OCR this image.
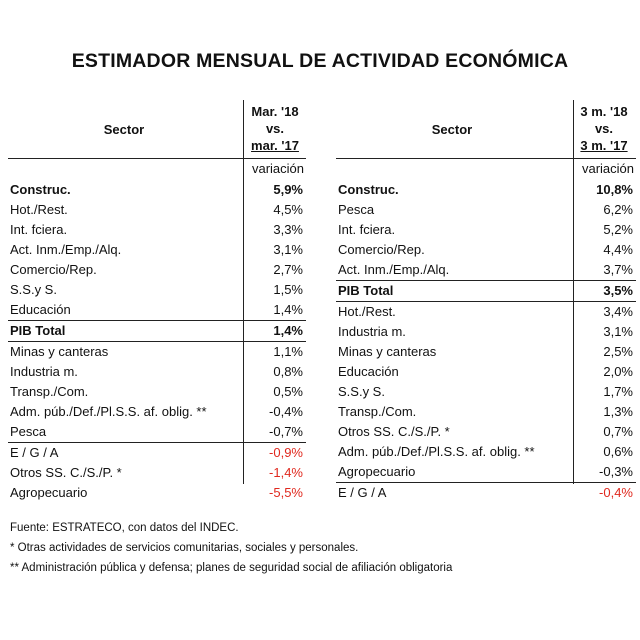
ESTIMADOR MENSUAL DE ACTIVIDAD ECONÓMICA
Sector
Mar. '18
vs.
mar. '17
variación
Construc.	5,9%
Hot./Rest.	4,5%
Int. fciera.	3,3%
Act. Inm./Emp./Alq.	3,1%
Comercio/Rep.	2,7%
S.S.y S.	1,5%
Educación	1,4%
PIB Total	1,4%
Minas y canteras	1,1%
Industria m.	0,8%
Transp./Com.	0,5%
Adm. púb./Def./Pl.S.S. af. oblig. **	-0,4%
Pesca	-0,7%
E / G / A	-0,9%
Otros SS. C./S./P. *	-1,4%
Agropecuario	-5,5%
Sector
3 m. '18
vs.
3 m. '17
variación
Construc.	10,8%
Pesca	6,2%
Int. fciera.	5,2%
Comercio/Rep.	4,4%
Act. Inm./Emp./Alq.	3,7%
PIB Total	3,5%
Hot./Rest.	3,4%
Industria m.	3,1%
Minas y canteras	2,5%
Educación	2,0%
S.S.y S.	1,7%
Transp./Com.	1,3%
Otros SS. C./S./P. *	0,7%
Adm. púb./Def./Pl.S.S. af. oblig. **	0,6%
Agropecuario	-0,3%
E / G / A	-0,4%
Fuente: ESTRATECO, con datos del INDEC.
* Otras actividades de servicios comunitarias, sociales y personales.
** Administración pública y defensa; planes de seguridad social de afiliación obligatoria
